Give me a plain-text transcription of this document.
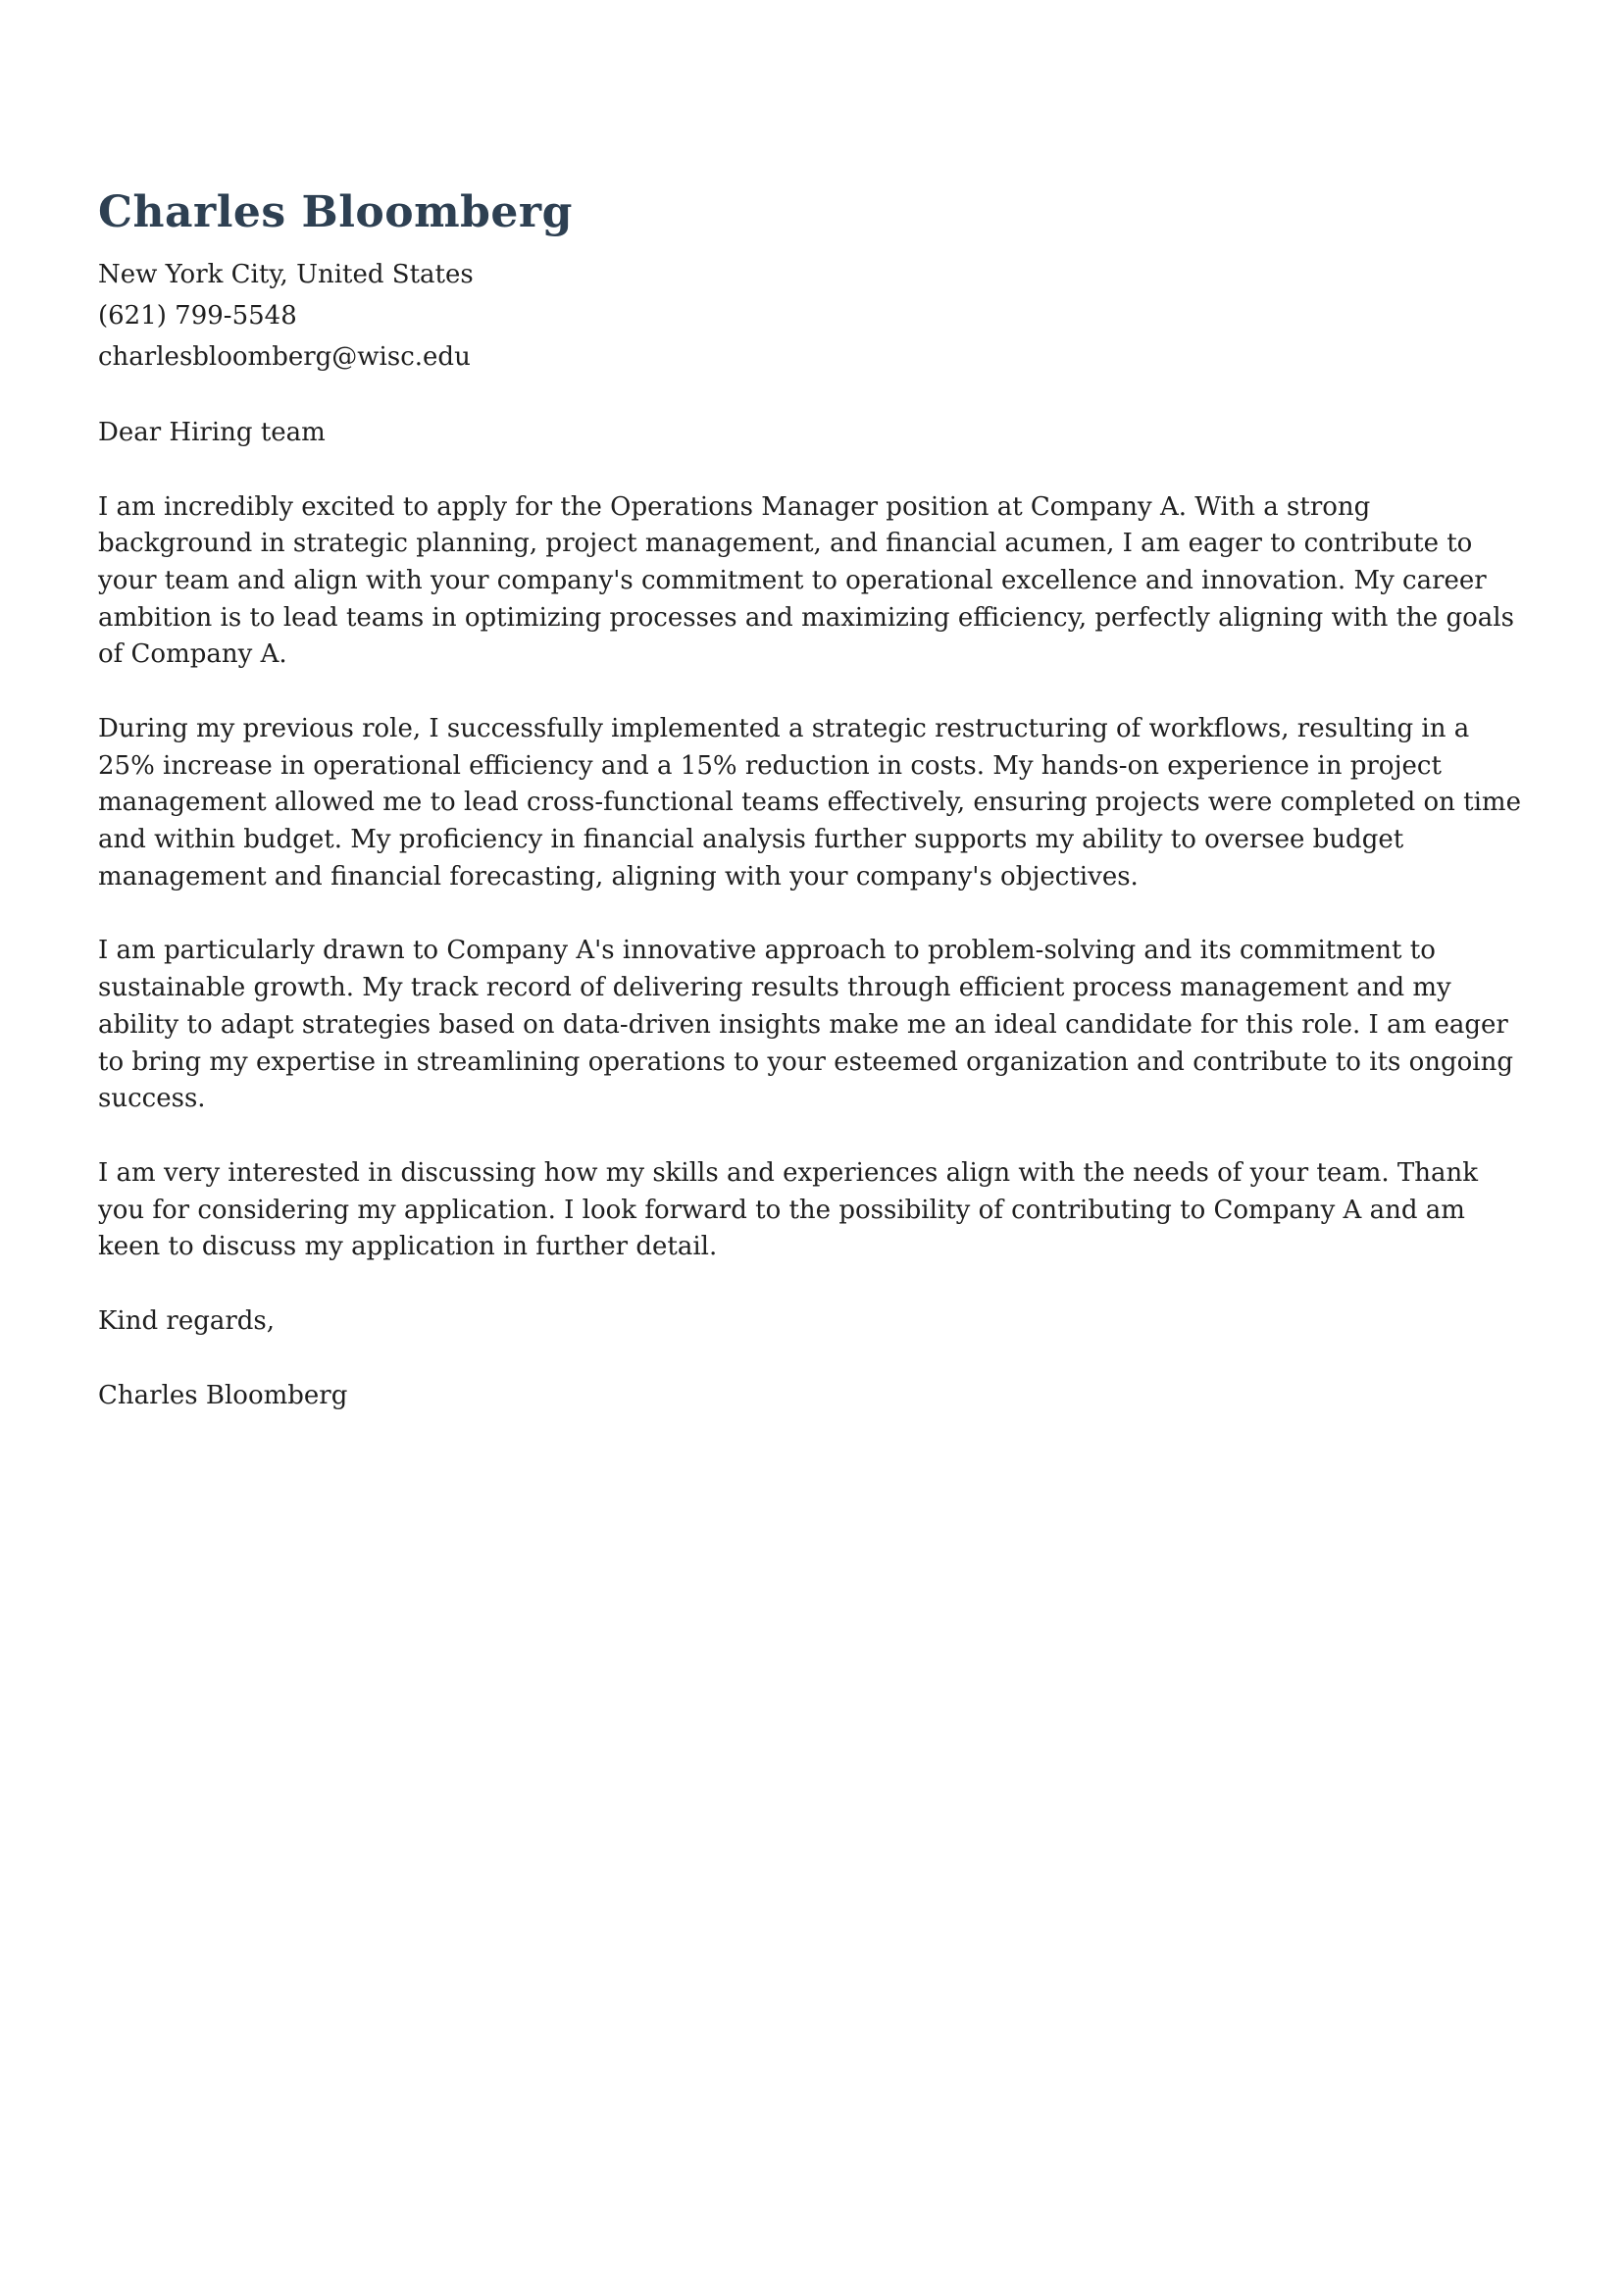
Charles Bloomberg
New York City, United States
(621) 799-5548
charlesbloomberg@wisc.edu

Dear Hiring team

I am incredibly excited to apply for the Operations Manager position at Company A. With a strong background in strategic planning, project management, and financial acumen, I am eager to contribute to your team and align with your company's commitment to operational excellence and innovation. My career ambition is to lead teams in optimizing processes and maximizing efficiency, perfectly aligning with the goals of Company A.

During my previous role, I successfully implemented a strategic restructuring of workflows, resulting in a 25% increase in operational efficiency and a 15% reduction in costs. My hands-on experience in project management allowed me to lead cross-functional teams effectively, ensuring projects were completed on time and within budget. My proficiency in financial analysis further supports my ability to oversee budget management and financial forecasting, aligning with your company's objectives.

I am particularly drawn to Company A's innovative approach to problem-solving and its commitment to sustainable growth. My track record of delivering results through efficient process management and my ability to adapt strategies based on data-driven insights make me an ideal candidate for this role. I am eager to bring my expertise in streamlining operations to your esteemed organization and contribute to its ongoing success.

I am very interested in discussing how my skills and experiences align with the needs of your team. Thank you for considering my application. I look forward to the possibility of contributing to Company A and am keen to discuss my application in further detail.

Kind regards,

Charles Bloomberg
